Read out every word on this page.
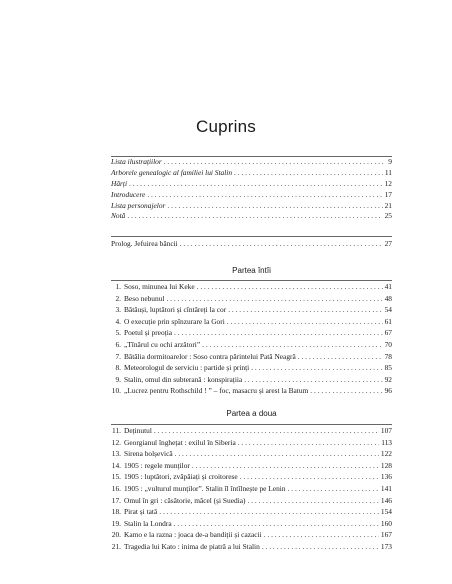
Cuprins
Lista ilustrațiilor . . .	9
Arborele genealogic al familiei lui Stalin . . .	11
Hărți . . .	12
Introducere . . .	17
Lista personajelor . . .	21
Notă . . .	25
Prolog. Jefuirea băncii . . .	27
Partea întîi
1. Soso, minunea lui Keke . . .	41
2. Beso nebunul . . .	48
3. Bătăuși, luptători și cîntăreți la cor . . .	54
4. O execuție prin spînzurare la Gori . . .	61
5. Poetul și preoția . . .	67
6. „Tînărul cu ochi arzători” . . .	70
7. Bătălia dormitoarelor : Soso contra părintelui Pată Neagră . . .	78
8. Meteorologul de serviciu : partide și prinți . . .	85
9. Stalin, omul din subterană : konspirațiia . . .	92
10. „Lucrez pentru Rothschild ! ” – foc, masacru și arest la Batum . . .	96
Partea a doua
11. Deținutul . . .	107
12. Georgianul înghețat : exilul în Siberia . . .	113
13. Sirena bolșevică . . .	122
14. 1905 : regele munților . . .	128
15. 1905 : luptători, zvăpăiați și croitorese . . .	136
16. 1905 : „vulturul munților”. Stalin îl întîlnește pe Lenin . . .	141
17. Omul în gri : căsătorie, măcel (și Suedia) . . .	146
18. Pirat și tată . . .	154
19. Stalin la Londra . . .	160
20. Kamo e la razna : joaca de-a bandiții și cazacii . . .	167
21. Tragedia lui Kato : inima de piatră a lui Stalin . . .	173
